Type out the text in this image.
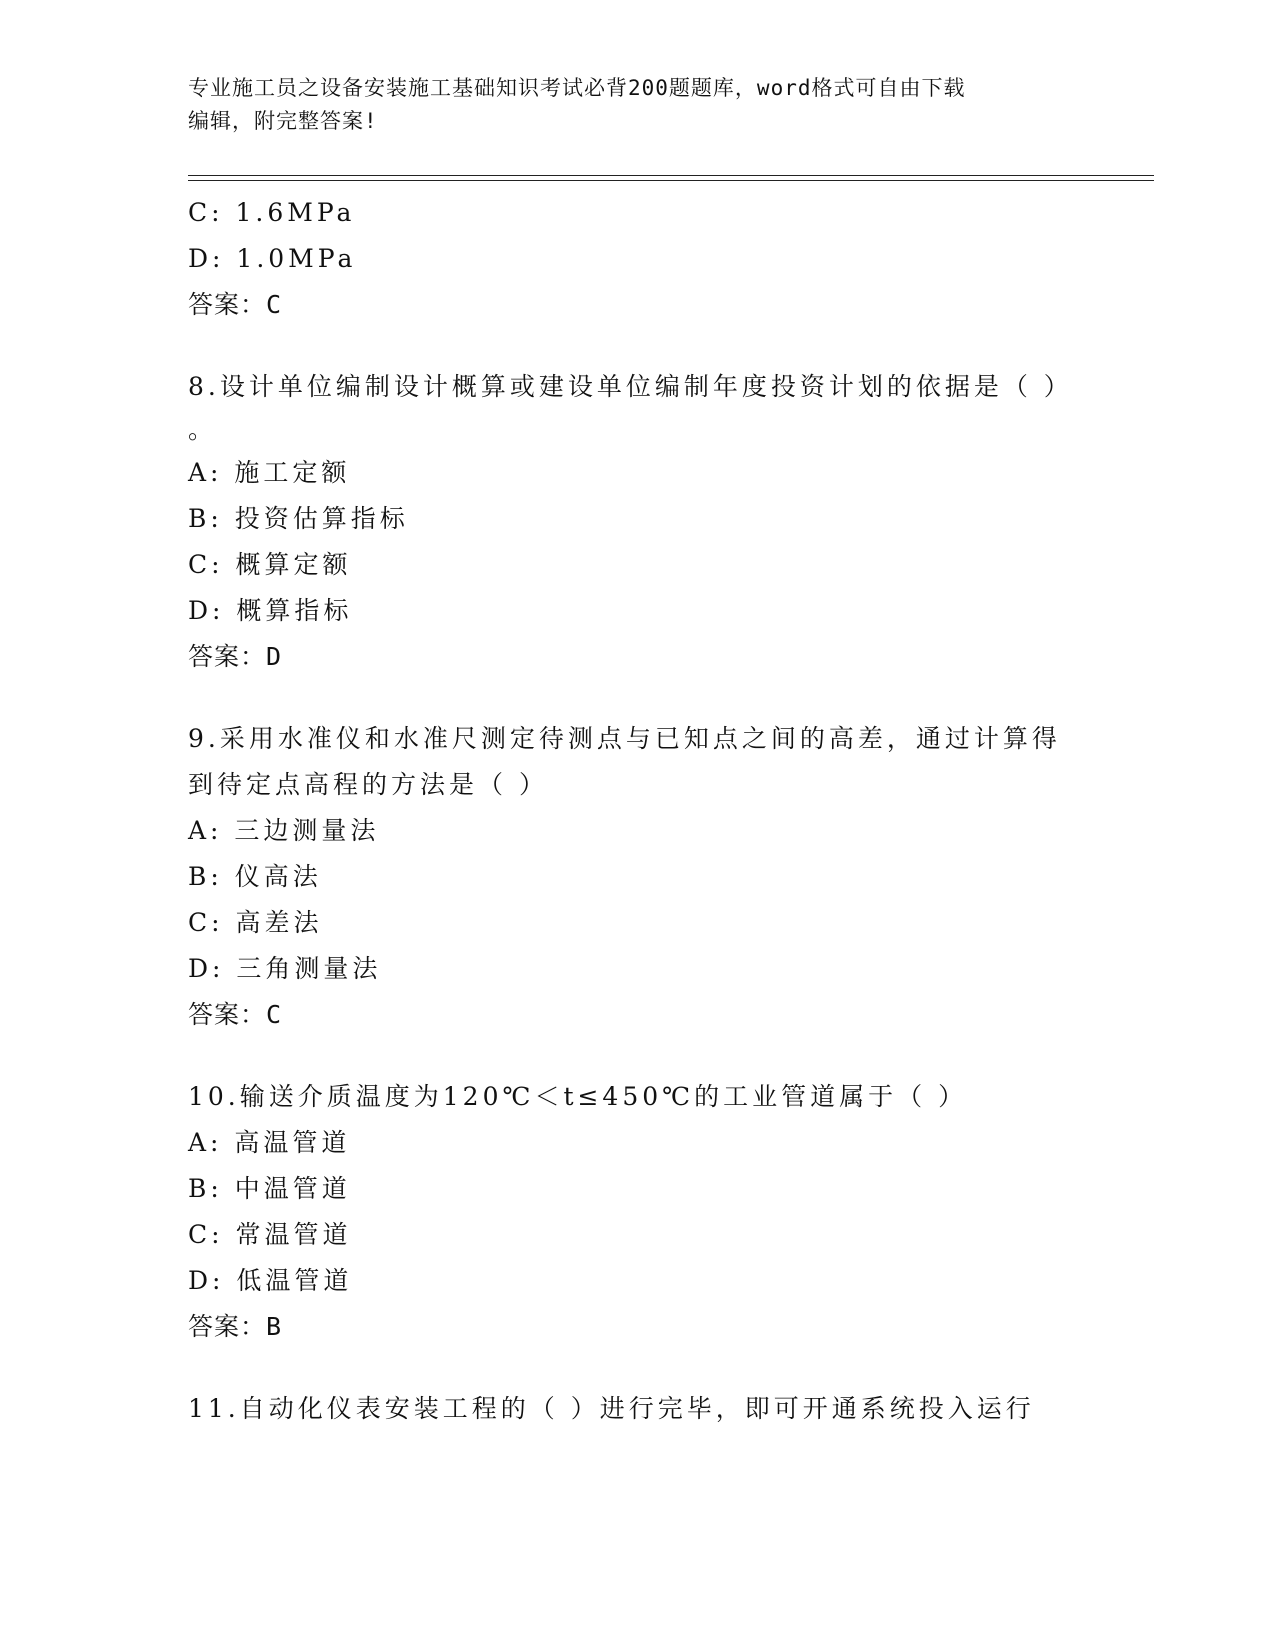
专业施工员之设备安装施工基础知识考试必背200题题库，word格式可自由下载
编辑，附完整答案!
C: 1.6MPa
D: 1.0MPa
答案：C
8.设计单位编制设计概算或建设单位编制年度投资计划的依据是（ ）
。
A: 施工定额
B: 投资估算指标
C: 概算定额
D: 概算指标
答案：D
9.采用水准仪和水准尺测定待测点与已知点之间的高差，通过计算得
到待定点高程的方法是（ ）
A: 三边测量法
B: 仪高法
C: 高差法
D: 三角测量法
答案：C
10.输送介质温度为120℃＜t≤450℃的工业管道属于（ ）
A: 高温管道
B: 中温管道
C: 常温管道
D: 低温管道
答案：B
11.自动化仪表安装工程的（ ）进行完毕，即可开通系统投入运行
